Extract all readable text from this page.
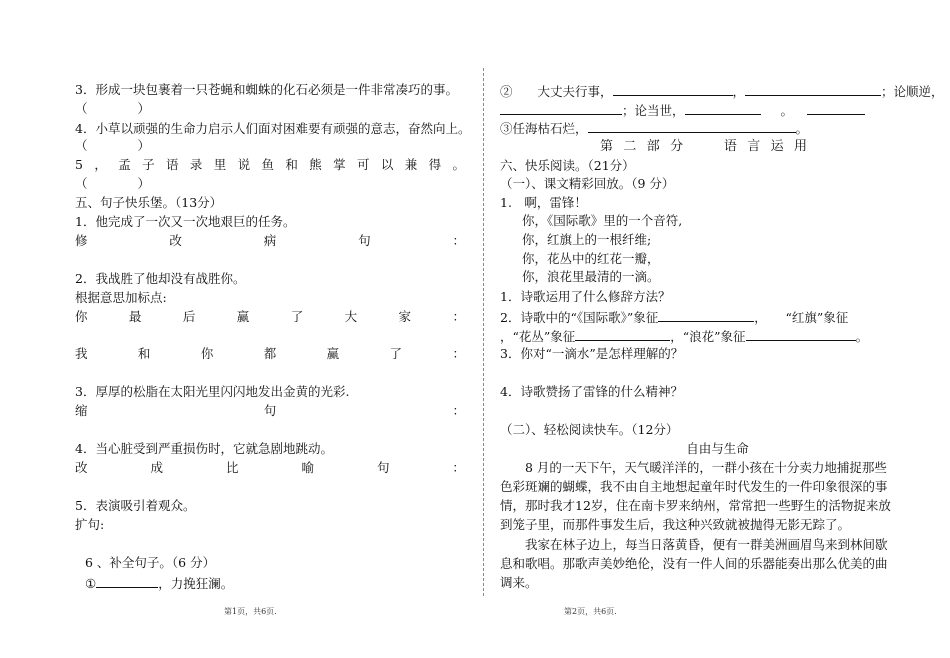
3．形成一块包裹着一只苍蝇和蜘蛛的化石必须是一件非常凑巧的事。
（　　　　）
4．小草以顽强的生命力启示人们面对困难要有顽强的意志，奋然向上。
（　　　　）
5 ， 孟 子 语 录 里 说 鱼 和 熊 掌 可 以 兼 得 。
（　　　　）
五、句子快乐堡。（13分）
1．他完成了一次又一次地艰巨的任务。
修	改	病	句	：
2．我战胜了他却没有战胜你。
根据意思加标点:
你	最	后	赢	了	大	家	：
我	和	你	都	赢	了	：
3．厚厚的松脂在太阳光里闪闪地发出金黄的光彩.
缩	句	：
4．当心脏受到严重损伤时，它就急剧地跳动。
改	成	比	喻	句	：
5．表演吸引着观众。
扩句:
6 、补全句子。（6 分）
①	，力挽狂澜。
第1页，共6页.
②　　大丈夫行事，	，	；论顺逆，
；论当世，	。
③任海枯石烂，	。
第 二 部 分	语 言 运 用
六、快乐阅读。（21分）
（一）、课文精彩回放。（9 分）
1.　啊，雷锋！
你，《国际歌》里的一个音符,
你，红旗上的一根纤维;
你，花丛中的红花一瓣，
你，浪花里最清的一滴。
1．诗歌运用了什么修辞方法？
2．诗歌中的“《国际歌》”象征	，　　“红旗”象征
，“花丛”象征	，“浪花”象征	。
3．你对“一滴水”是怎样理解的？
4．诗歌赞扬了雷锋的什么精神？
（二）、轻松阅读快车。（12分）
自由与生命
8 月的一天下午，天气暖洋洋的，一群小孩在十分卖力地捕捉那些色彩斑斓的蝴蝶，我不由自主地想起童年时代发生的一件印象很深的事情，那时我才12岁，住在南卡罗来纳州，常常把一些野生的活物捉来放到笼子里，而那件事发生后，我这种兴致就被抛得无影无踪了。
我家在林子边上，每当日落黄昏，便有一群美洲画眉鸟来到林间歇息和歌唱。那歌声美妙绝伦，没有一件人间的乐器能奏出那么优美的曲调来。
第2页，共6页.
